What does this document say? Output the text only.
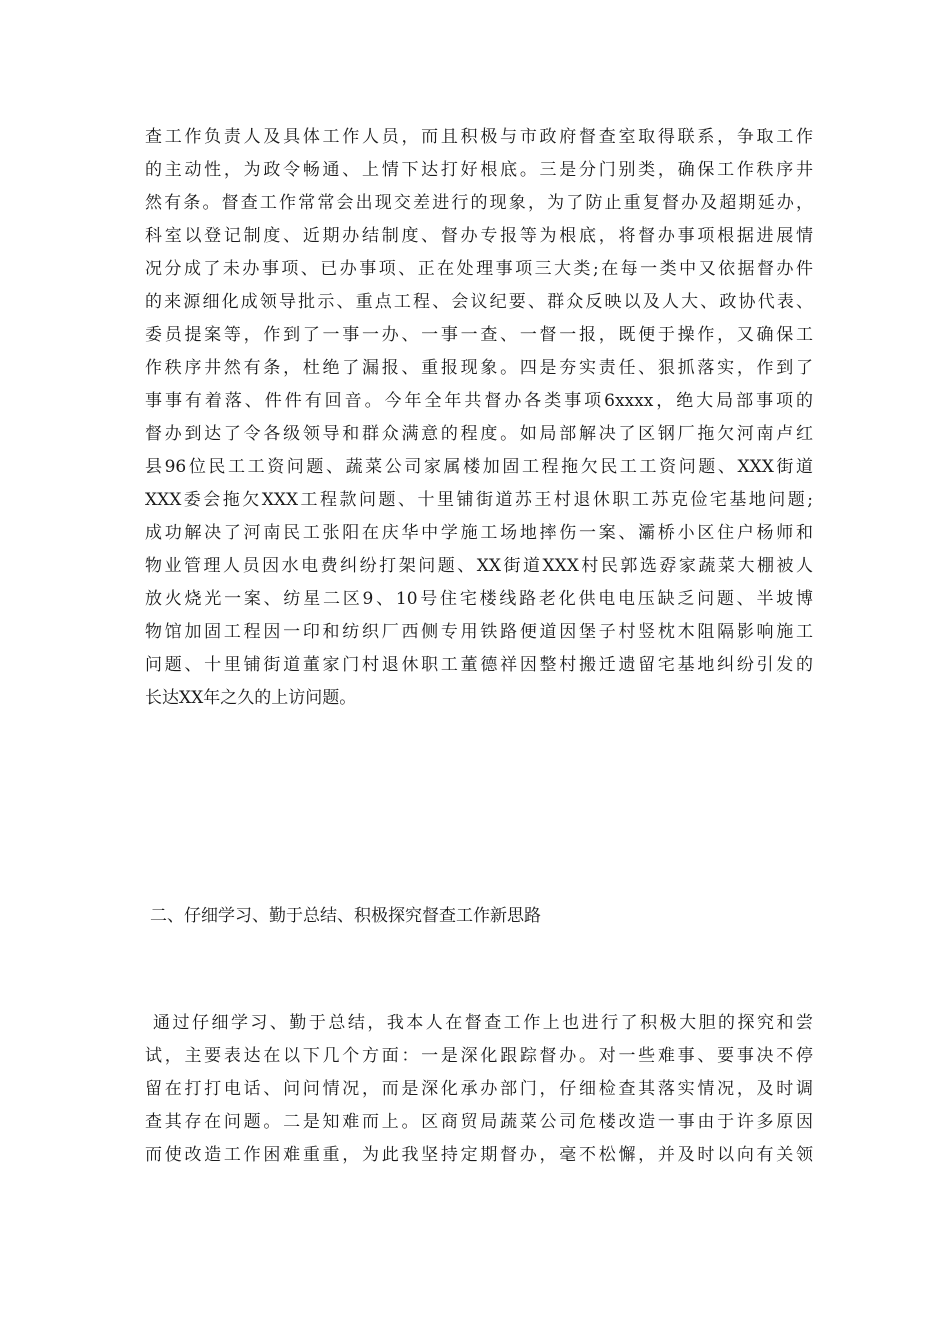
查工作负责人及具体工作人员，而且积极与市政府督查室取得联系，争取工作
的主动性，为政令畅通、上情下达打好根底。三是分门别类，确保工作秩序井
然有条。督查工作常常会出现交差进行的现象，为了防止重复督办及超期延办，
科室以登记制度、近期办结制度、督办专报等为根底，将督办事项根据进展情
况分成了未办事项、已办事项、正在处理事项三大类;在每一类中又依据督办件
的来源细化成领导批示、重点工程、会议纪要、群众反映以及人大、政协代表、
委员提案等，作到了一事一办、一事一查、一督一报，既便于操作，又确保工
作秩序井然有条，杜绝了漏报、重报现象。四是夯实责任、狠抓落实，作到了
事事有着落、件件有回音。今年全年共督办各类事项6xxxx，绝大局部事项的
督办到达了令各级领导和群众满意的程度。如局部解决了区钢厂拖欠河南卢红
县96位民工工资问题、蔬菜公司家属楼加固工程拖欠民工工资问题、XXX街道
XXX委会拖欠XXX工程款问题、十里铺街道苏王村退休职工苏克俭宅基地问题;
成功解决了河南民工张阳在庆华中学施工场地摔伤一案、灞桥小区住户杨师和
物业管理人员因水电费纠纷打架问题、XX街道XXX村民郭选孬家蔬菜大棚被人
放火烧光一案、纺星二区9、10号住宅楼线路老化供电电压缺乏问题、半坡博
物馆加固工程因一印和纺织厂西侧专用铁路便道因堡子村竖枕木阻隔影响施工
问题、十里铺街道董家门村退休职工董德祥因整村搬迁遗留宅基地纠纷引发的
长达XX年之久的上访问题。
二、仔细学习、勤于总结、积极探究督查工作新思路
通过仔细学习、勤于总结，我本人在督查工作上也进行了积极大胆的探究和尝
试，主要表达在以下几个方面：一是深化跟踪督办。对一些难事、要事决不停
留在打打电话、问问情况，而是深化承办部门，仔细检查其落实情况，及时调
查其存在问题。二是知难而上。区商贸局蔬菜公司危楼改造一事由于许多原因
而使改造工作困难重重，为此我坚持定期督办，毫不松懈，并及时以向有关领
